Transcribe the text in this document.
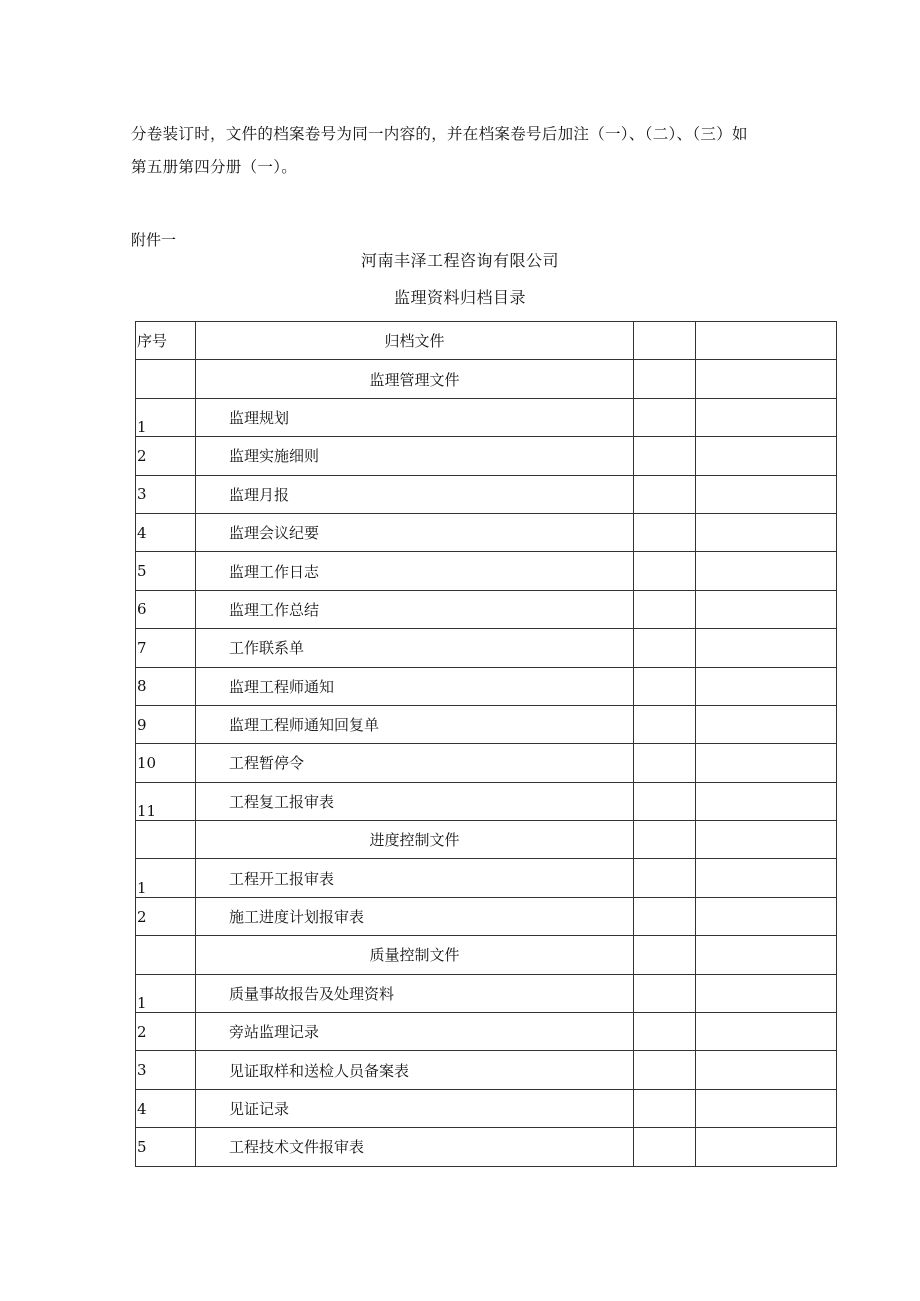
分卷装订时，文件的档案卷号为同一内容的，并在档案卷号后加注（一）、（二）、（三）如

第五册第四分册（一）。

附件一
河南丰泽工程咨询有限公司
监理资料归档目录
序号	归档文件		

	监理管理文件		

1	监理规划		

2	监理实施细则		

3	监理月报		

4	监理会议纪要		

5	监理工作日志		

6	监理工作总结		

7	工作联系单		

8	监理工程师通知		

9	监理工程师通知回复单		

10	工程暂停令		

11	工程复工报审表		

	进度控制文件		

1	工程开工报审表		

2	施工进度计划报审表		

	质量控制文件		

1	质量事故报告及处理资料		

2	旁站监理记录		

3	见证取样和送检人员备案表		

4	见证记录		

5	工程技术文件报审表		
